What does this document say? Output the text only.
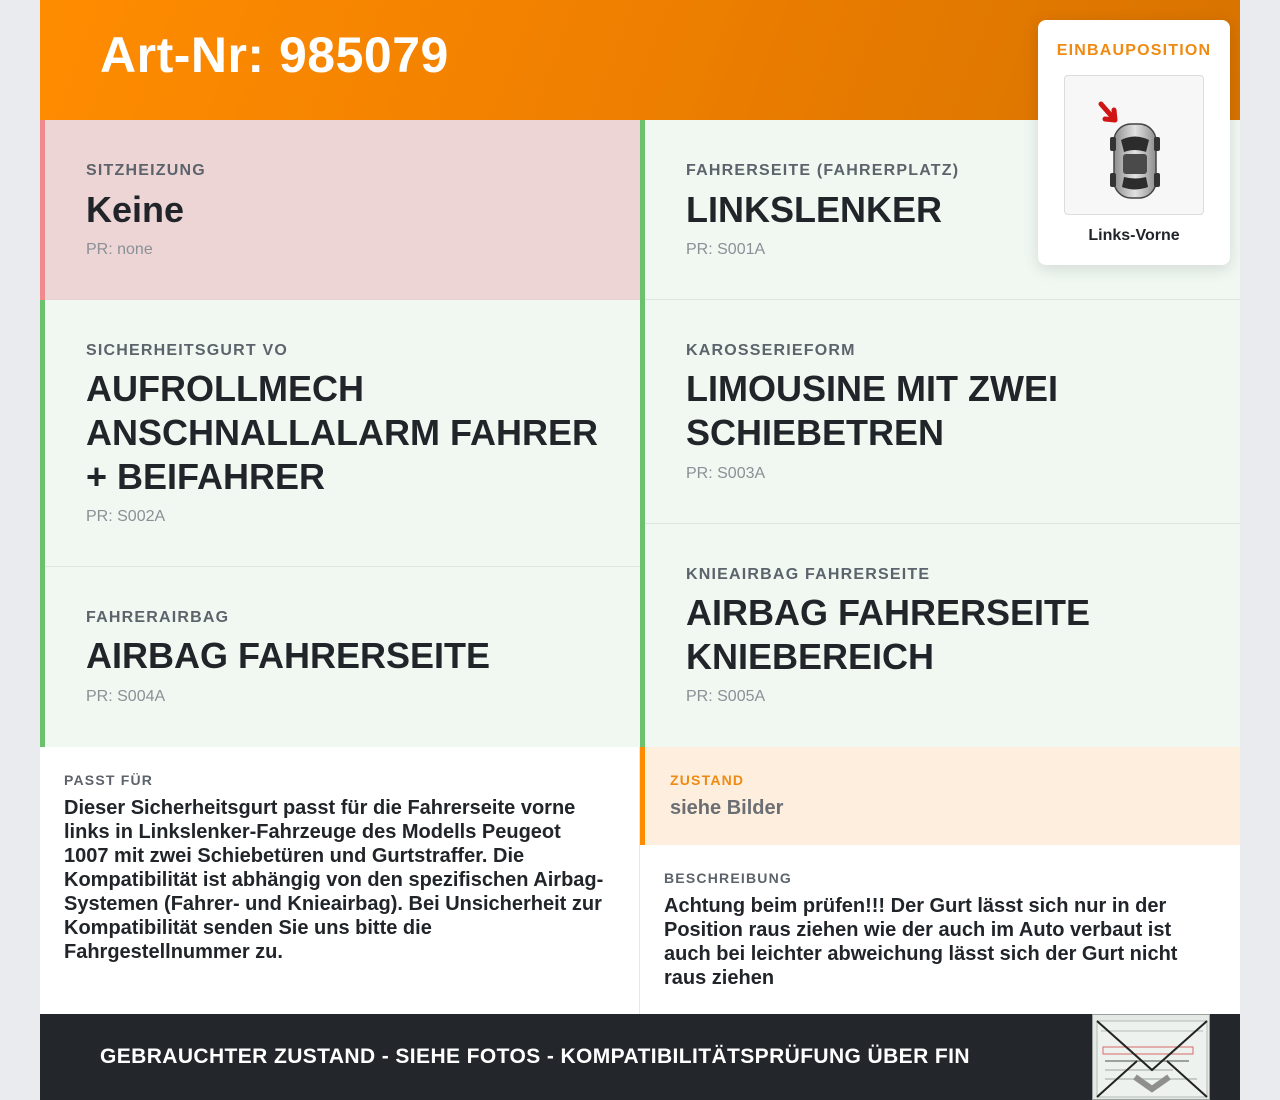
Art-Nr: 985079
SITZHEIZUNG
Keine
PR: none
FAHRERSEITE (FAHRERPLATZ)
LINKSLENKER
PR: S001A
SICHERHEITSGURT VO
AUFROLLMECH
ANSCHNALLALARM FAHRER
+ BEIFAHRER
PR: S002A
FAHRERAIRBAG
AIRBAG FAHRERSEITE
PR: S004A
KAROSSERIEFORM
LIMOUSINE MIT ZWEI
SCHIEBETREN
PR: S003A
KNIEAIRBAG FAHRERSEITE
AIRBAG FAHRERSEITE
KNIEBEREICH
PR: S005A
EINBAUPOSITION
Links-Vorne
PASST FÜR
Dieser Sicherheitsgurt passt für die Fahrerseite vorne
links in Linkslenker-Fahrzeuge des Modells Peugeot
1007 mit zwei Schiebetüren und Gurtstraffer. Die
Kompatibilität ist abhängig von den spezifischen Airbag-
Systemen (Fahrer- und Knieairbag). Bei Unsicherheit zur
Kompatibilität senden Sie uns bitte die
Fahrgestellnummer zu.
ZUSTAND
siehe Bilder
BESCHREIBUNG
Achtung beim prüfen!!! Der Gurt lässt sich nur in der
Position raus ziehen wie der auch im Auto verbaut ist
auch bei leichter abweichung lässt sich der Gurt nicht
raus ziehen
GEBRAUCHTER ZUSTAND - SIEHE FOTOS - KOMPATIBILITÄTSPRÜFUNG ÜBER FIN
